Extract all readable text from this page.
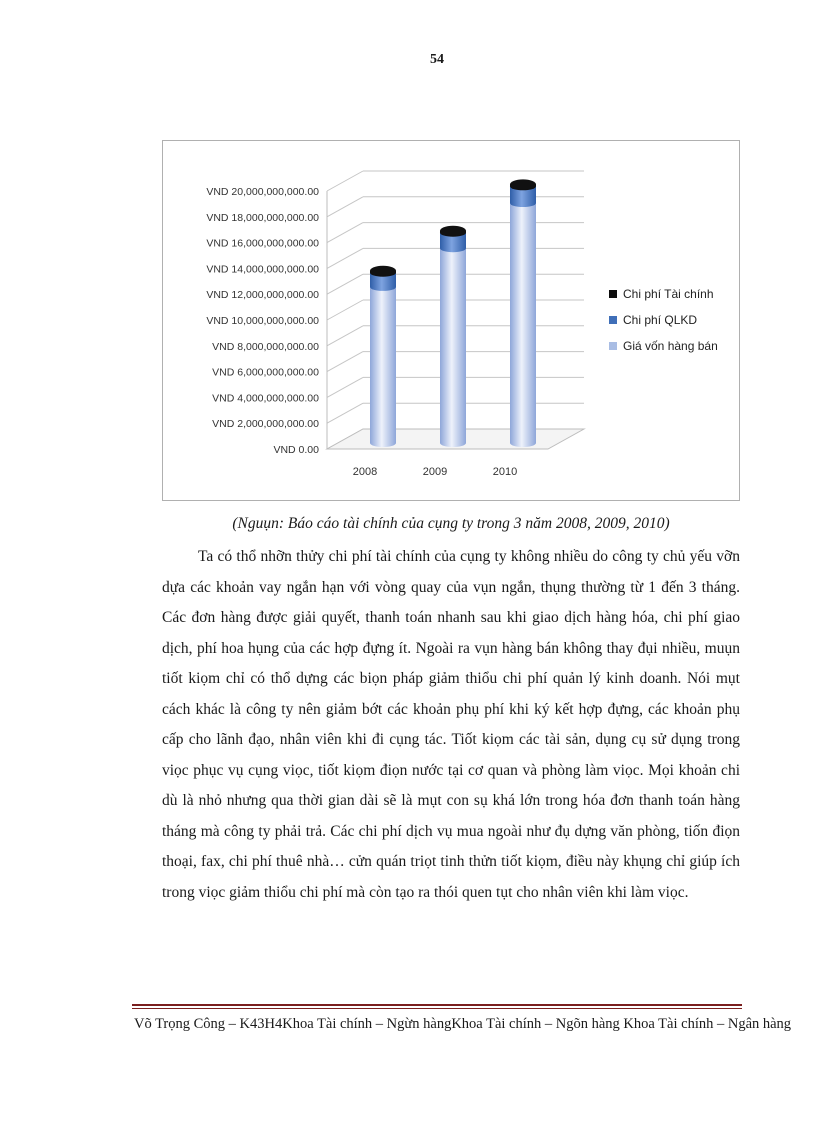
54
VND 0.00
VND 2,000,000,000.00
VND 4,000,000,000.00
VND 6,000,000,000.00
VND 8,000,000,000.00
VND 10,000,000,000.00
VND 12,000,000,000.00
VND 14,000,000,000.00
VND 16,000,000,000.00
VND 18,000,000,000.00
VND 20,000,000,000.00
2008	2009	2010
Chi phí Tài chính
Chi phí QLKD
Giá vốn hàng bán
(Nguụn: Báo cáo tài chính của cụng ty trong 3 năm 2008, 2009, 2010)

Ta có thổ nhỡn thửy chi phí tài chính của cụng ty không nhiều do công ty chủ yếu vỡn dựa các khoản vay ngắn hạn với vòng quay của vụn ngắn, thụng thường từ 1 đến 3 tháng. Các đơn hàng được giải quyết, thanh toán nhanh sau khi giao dịch hàng hóa, chi phí giao dịch, phí hoa hụng của các hợp đựng ít. Ngoài ra vụn hàng bán không thay đụi nhiều, muụn tiốt kiọm chỉ có thổ dựng các biọn pháp giảm thiổu chi phí quản lý kinh doanh. Nói mụt cách khác là công ty nên giảm bớt các khoản phụ phí khi ký kết hợp đựng, các khoản phụ cấp cho lãnh đạo, nhân viên khi đi cụng tác. Tiốt kiọm các tài sản, dụng cụ sử dụng trong viọc phục vụ cụng viọc, tiốt kiọm điọn nước tại cơ quan và phòng làm viọc. Mọi khoản chi dù là nhỏ nhưng qua thời gian dài sẽ là mụt con sụ khá lớn trong hóa đơn thanh toán hàng tháng mà công ty phải trả. Các chi phí dịch vụ mua ngoài như đụ dựng văn phòng, tiốn điọn thoại, fax, chi phí thuê nhà… cửn quán triọt tinh thửn tiốt kiọm, điều này khụng chỉ giúp ích trong viọc giảm thiổu chi phí mà còn tạo ra thói quen tụt cho nhân viên khi làm viọc.

Võ Trọng Công – K43H4Khoa Tài chính – Ngừn hàngKhoa Tài chính – Ngõn hàng Khoa Tài chính – Ngân hàng
